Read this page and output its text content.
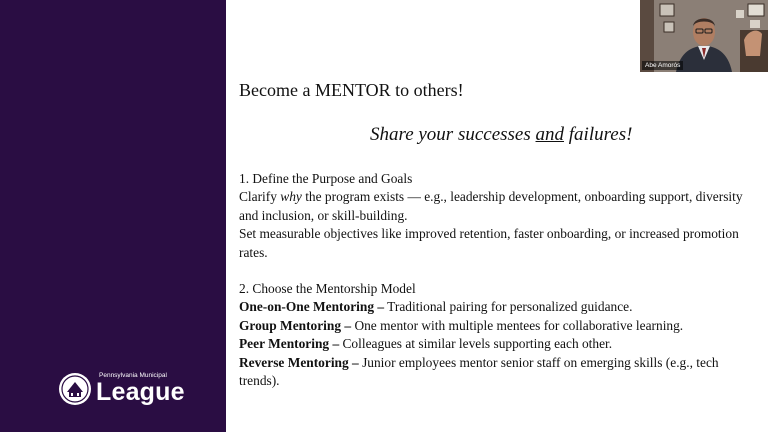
Pennsylvania Municipal
League
Become a MENTOR to others!
Share your successes and failures!

1. Define the Purpose and Goals

Clarify why the program exists — e.g., leadership development, onboarding support, diversity and inclusion, or skill-building.

Set measurable objectives like improved retention, faster onboarding, or increased promotion rates.

2. Choose the Mentorship Model

One-on-One Mentoring – Traditional pairing for personalized guidance.

Group Mentoring – One mentor with multiple mentees for collaborative learning.

Peer Mentoring – Colleagues at similar levels supporting each other.

Reverse Mentoring – Junior employees mentor senior staff on emerging skills (e.g., tech trends).

Abe Amorós
